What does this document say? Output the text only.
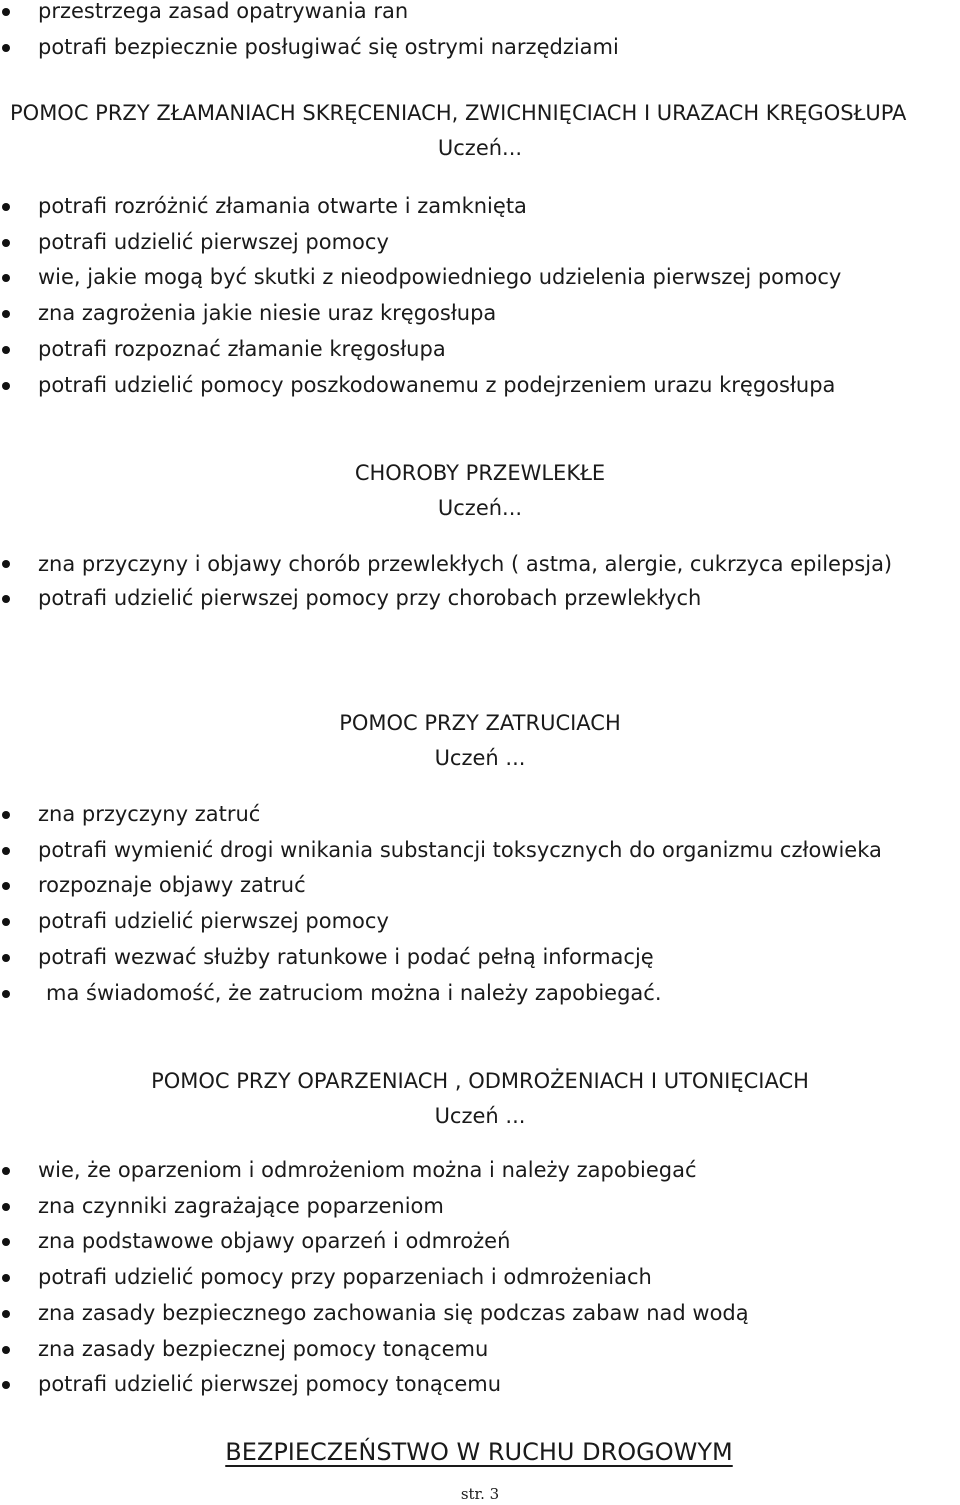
przestrzega zasad opatrywania ran
potrafi bezpiecznie posługiwać się ostrymi narzędziami
POMOC PRZY ZŁAMANIACH SKRĘCENIACH, ZWICHNIĘCIACH I URAZACH KRĘGOSŁUPA
Uczeń...
potrafi rozróżnić złamania otwarte i zamknięta
potrafi udzielić pierwszej pomocy
wie, jakie mogą być skutki z nieodpowiedniego udzielenia pierwszej pomocy
zna zagrożenia jakie niesie uraz kręgosłupa
potrafi rozpoznać złamanie kręgosłupa
potrafi udzielić pomocy poszkodowanemu z podejrzeniem urazu kręgosłupa
CHOROBY PRZEWLEKŁE
Uczeń...
zna przyczyny i objawy chorób przewlekłych ( astma, alergie, cukrzyca epilepsja)
potrafi udzielić pierwszej pomocy przy chorobach przewlekłych
POMOC PRZY ZATRUCIACH
Uczeń ...
zna przyczyny zatruć
potrafi wymienić drogi wnikania substancji toksycznych do organizmu człowieka
rozpoznaje objawy zatruć
potrafi udzielić pierwszej pomocy
potrafi wezwać służby ratunkowe i podać pełną informację
ma świadomość, że zatruciom można i należy zapobiegać.
POMOC PRZY OPARZENIACH , ODMROŻENIACH I UTONIĘCIACH
Uczeń ...
wie, że oparzeniom i odmrożeniom można i należy zapobiegać
zna czynniki zagrażające poparzeniom
zna podstawowe objawy oparzeń i odmrożeń
potrafi udzielić pomocy przy poparzeniach i odmrożeniach
zna zasady bezpiecznego zachowania się podczas zabaw nad wodą
zna zasady bezpiecznej pomocy tonącemu
potrafi udzielić pierwszej pomocy tonącemu
BEZPIECZEŃSTWO W RUCHU DROGOWYM
str. 3
